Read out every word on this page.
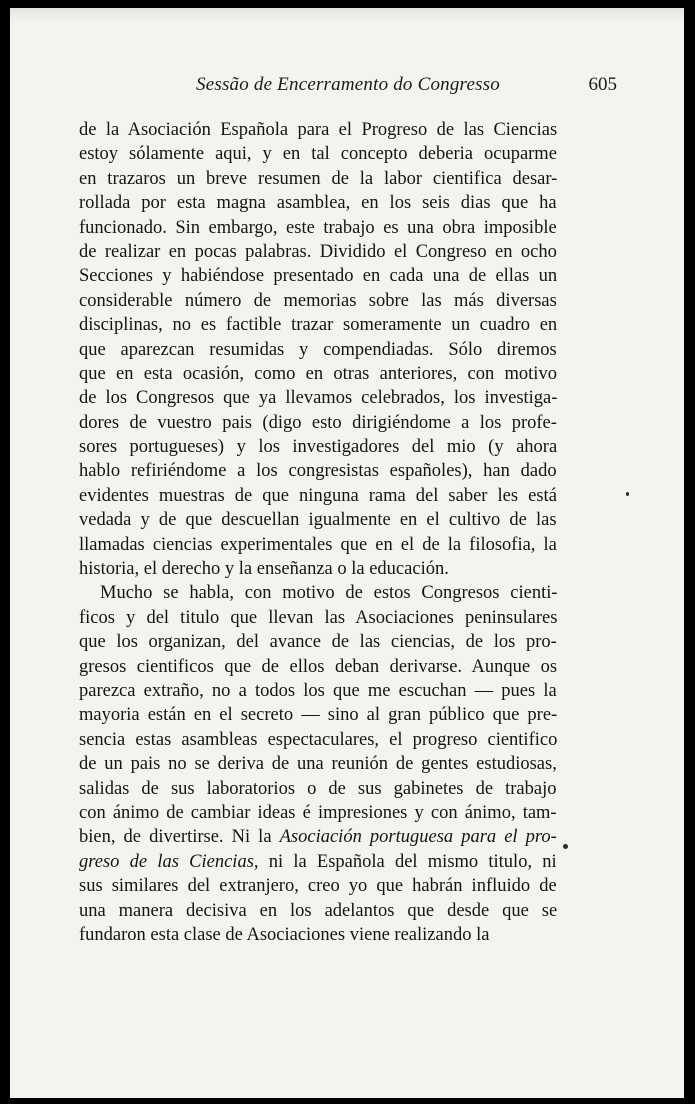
Sessão de Encerramento do Congresso	605
de la Asociación Española para el Progreso de las Ciencias
estoy sólamente aqui, y en tal concepto deberia ocuparme
en trazaros un breve resumen de la labor cientifica desar-
rollada por esta magna asamblea, en los seis dias que ha
funcionado. Sin embargo, este trabajo es una obra imposible
de realizar en pocas palabras. Dividido el Congreso en ocho
Secciones y habiéndose presentado en cada una de ellas un
considerable número de memorias sobre las más diversas
disciplinas, no es factible trazar someramente un cuadro en
que aparezcan resumidas y compendiadas. Sólo diremos
que en esta ocasión, como en otras anteriores, con motivo
de los Congresos que ya llevamos celebrados, los investiga-
dores de vuestro pais (digo esto dirigiéndome a los profe-
sores portugueses) y los investigadores del mio (y ahora
hablo refiriéndome a los congresistas españoles), han dado
evidentes muestras de que ninguna rama del saber les está
vedada y de que descuellan igualmente en el cultivo de las
llamadas ciencias experimentales que en el de la filosofia, la
historia, el derecho y la enseñanza o la educación.
Mucho se habla, con motivo de estos Congresos cienti-
ficos y del titulo que llevan las Asociaciones peninsulares
que los organizan, del avance de las ciencias, de los pro-
gresos cientificos que de ellos deban derivarse. Aunque os
parezca extraño, no a todos los que me escuchan — pues la
mayoria están en el secreto — sino al gran público que pre-
sencia estas asambleas espectaculares, el progreso cientifico
de un pais no se deriva de una reunión de gentes estudiosas,
salidas de sus laboratorios o de sus gabinetes de trabajo
con ánimo de cambiar ideas é impresiones y con ánimo, tam-
bien, de divertirse. Ni la Asociación portuguesa para el pro-
greso de las Ciencias, ni la Española del mismo titulo, ni
sus similares del extranjero, creo yo que habrán influido de
una manera decisiva en los adelantos que desde que se
fundaron esta clase de Asociaciones viene realizando la
